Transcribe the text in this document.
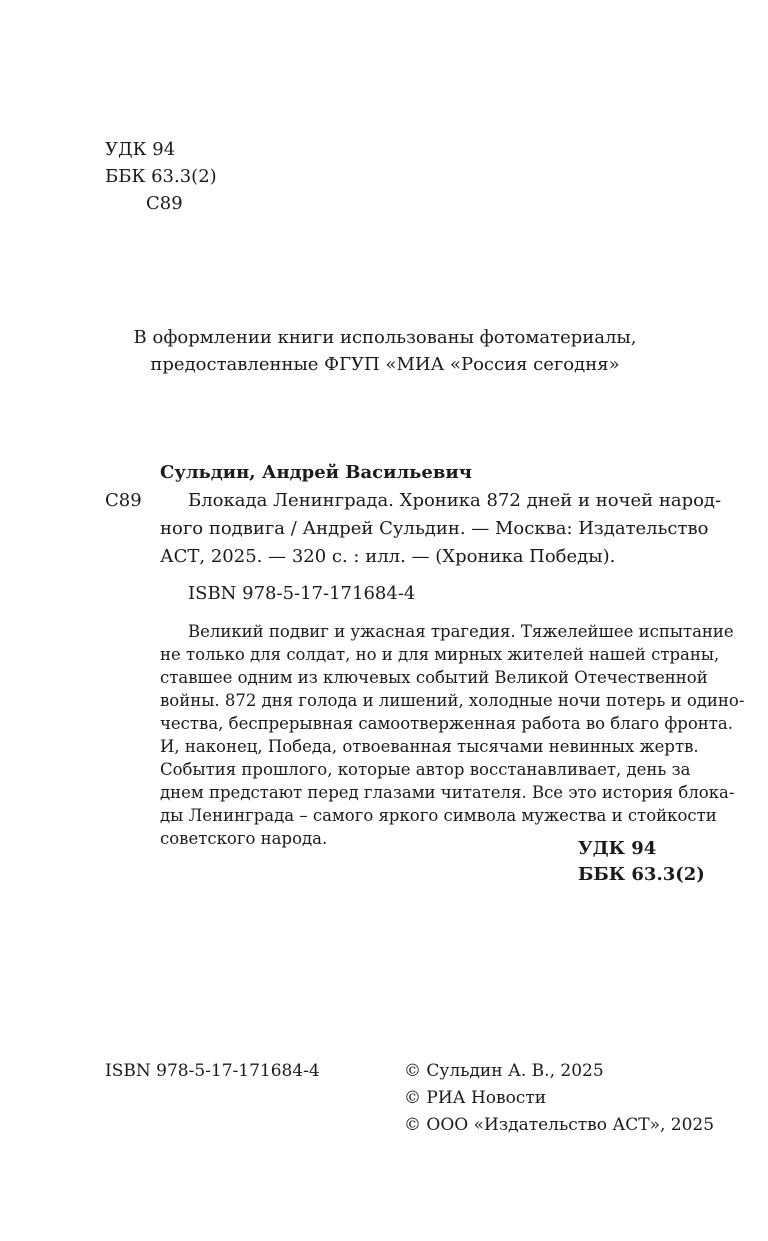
УДК 94
ББК 63.3(2)
С89
В оформлении книги использованы фотоматериалы,
предоставленные ФГУП «МИА «Россия сегодня»
Сульдин, Андрей Васильевич
С89	Блокада Ленинграда. Хроника 872 дней и ночей народ-
ного подвига / Андрей Сульдин. — Москва: Издательство
АСТ, 2025. — 320 с. : илл. — (Хроника Победы).
ISBN 978-5-17-171684-4
Великий подвиг и ужасная трагедия. Тяжелейшее испытание
не только для солдат, но и для мирных жителей нашей страны,
ставшее одним из ключевых событий Великой Отечественной
войны. 872 дня голода и лишений, холодные ночи потерь и одино-
чества, беспрерывная самоотверженная работа во благо фронта.
И, наконец, Победа, отвоеванная тысячами невинных жертв.
События прошлого, которые автор восстанавливает, день за
днем предстают перед глазами читателя. Все это история блока-
ды Ленинграда – самого яркого символа мужества и стойкости
советского народа.	УДК 94
ББК 63.3(2)
ISBN 978-5-17-171684-4	© Сульдин А. В., 2025
© РИА Новости
© ООО «Издательство АСТ», 2025
